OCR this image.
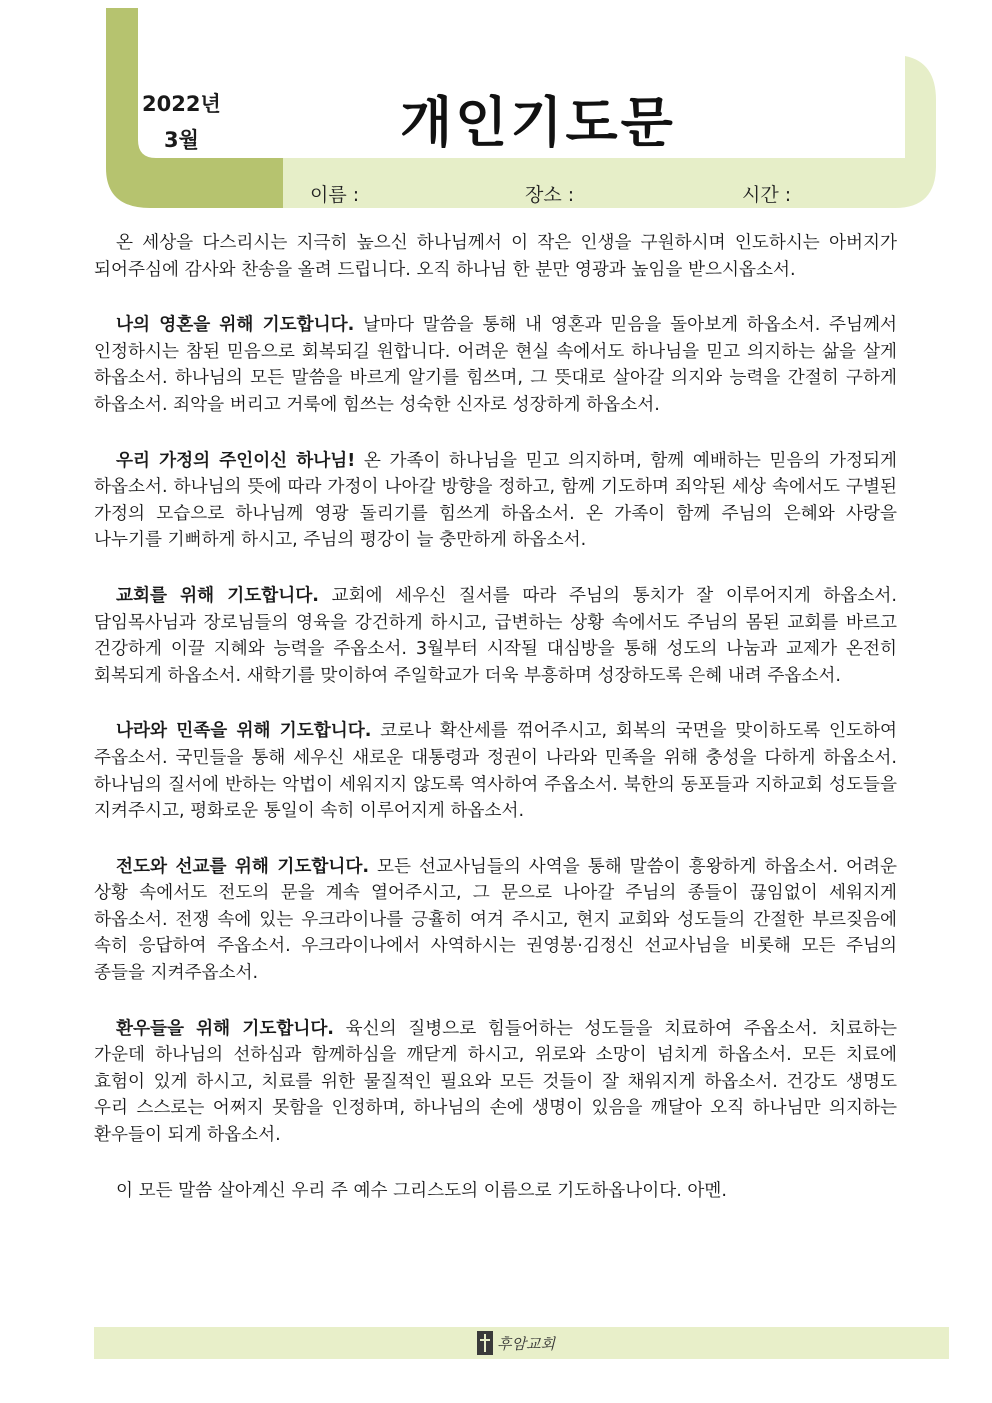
2022년
3월	개인기도문
이름 :	장소 :	시간 :

온 세상을 다스리시는 지극히 높으신 하나님께서 이 작은 인생을 구원하시며 인도하시는 아버지가 되어주심에 감사와 찬송을 올려 드립니다. 오직 하나님 한 분만 영광과 높임을 받으시옵소서.

나의 영혼을 위해 기도합니다. 날마다 말씀을 통해 내 영혼과 믿음을 돌아보게 하옵소서. 주님께서 인정하시는 참된 믿음으로 회복되길 원합니다. 어려운 현실 속에서도 하나님을 믿고 의지하는 삶을 살게 하옵소서. 하나님의 모든 말씀을 바르게 알기를 힘쓰며, 그 뜻대로 살아갈 의지와 능력을 간절히 구하게 하옵소서. 죄악을 버리고 거룩에 힘쓰는 성숙한 신자로 성장하게 하옵소서.

우리 가정의 주인이신 하나님! 온 가족이 하나님을 믿고 의지하며, 함께 예배하는 믿음의 가정되게 하옵소서. 하나님의 뜻에 따라 가정이 나아갈 방향을 정하고, 함께 기도하며 죄악된 세상 속에서도 구별된 가정의 모습으로 하나님께 영광 돌리기를 힘쓰게 하옵소서. 온 가족이 함께 주님의 은혜와 사랑을 나누기를 기뻐하게 하시고, 주님의 평강이 늘 충만하게 하옵소서.

교회를 위해 기도합니다. 교회에 세우신 질서를 따라 주님의 통치가 잘 이루어지게 하옵소서. 담임목사님과 장로님들의 영육을 강건하게 하시고, 급변하는 상황 속에서도 주님의 몸된 교회를 바르고 건강하게 이끌 지혜와 능력을 주옵소서. 3월부터 시작될 대심방을 통해 성도의 나눔과 교제가 온전히 회복되게 하옵소서. 새학기를 맞이하여 주일학교가 더욱 부흥하며 성장하도록 은혜 내려 주옵소서.

나라와 민족을 위해 기도합니다. 코로나 확산세를 꺾어주시고, 회복의 국면을 맞이하도록 인도하여 주옵소서. 국민들을 통해 세우신 새로운 대통령과 정권이 나라와 민족을 위해 충성을 다하게 하옵소서. 하나님의 질서에 반하는 악법이 세워지지 않도록 역사하여 주옵소서. 북한의 동포들과 지하교회 성도들을 지켜주시고, 평화로운 통일이 속히 이루어지게 하옵소서.

전도와 선교를 위해 기도합니다. 모든 선교사님들의 사역을 통해 말씀이 흥왕하게 하옵소서. 어려운 상황 속에서도 전도의 문을 계속 열어주시고, 그 문으로 나아갈 주님의 종들이 끊임없이 세워지게 하옵소서. 전쟁 속에 있는 우크라이나를 긍휼히 여겨 주시고, 현지 교회와 성도들의 간절한 부르짖음에 속히 응답하여 주옵소서. 우크라이나에서 사역하시는 권영봉·김정신 선교사님을 비롯해 모든 주님의 종들을 지켜주옵소서.

환우들을 위해 기도합니다. 육신의 질병으로 힘들어하는 성도들을 치료하여 주옵소서. 치료하는 가운데 하나님의 선하심과 함께하심을 깨닫게 하시고, 위로와 소망이 넘치게 하옵소서. 모든 치료에 효험이 있게 하시고, 치료를 위한 물질적인 필요와 모든 것들이 잘 채워지게 하옵소서. 건강도 생명도 우리 스스로는 어쩌지 못함을 인정하며, 하나님의 손에 생명이 있음을 깨달아 오직 하나님만 의지하는 환우들이 되게 하옵소서.

이 모든 말씀 살아계신 우리 주 예수 그리스도의 이름으로 기도하옵나이다. 아멘.

후암교회
